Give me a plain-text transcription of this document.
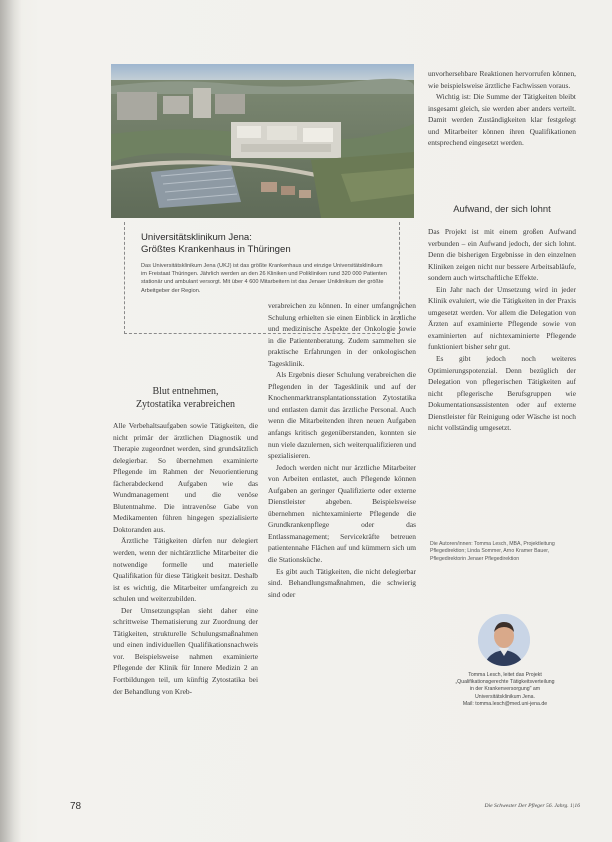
Universitätsklinikum Jena:
Größtes Krankenhaus in Thüringen

Das Universitätsklinikum Jena (UKJ) ist das größte Krankenhaus und einzige Universitätsklinikum im Freistaat Thüringen. Jährlich werden an den 26 Kliniken und Polikliniken rund 320 000 Patienten stationär und ambulant versorgt. Mit über 4 600 Mitarbeitern ist das Jenaer Uniklinikum der größte Arbeitgeber der Region.

Blut entnehmen,
Zytostatika verabreichen

Alle Verbehaltsaufgaben sowie Tätigkeiten, die nicht primär der ärztlichen Diagnostik und Therapie zugeordnet werden, sind grundsätzlich delegierbar. So übernehmen examinierte Pflegende im Rahmen der Neuorientierung fächerabdeckend Aufgaben wie das Wundmanagement und die venöse Blutentnahme. Die intravenöse Gabe von Medikamenten führen hingegen spezialisierte Doktoranden aus.

Ärztliche Tätigkeiten dürfen nur delegiert werden, wenn der nichtärztliche Mitarbeiter die notwendige formelle und materielle Qualifikation für diese Tätigkeit besitzt. Deshalb ist es wichtig, die Mitarbeiter umfangreich zu schulen und weiterzubilden.

Der Umsetzungsplan sieht daher eine schrittweise Thematisierung zur Zuordnung der Tätigkeiten, strukturelle Schulungsmaßnahmen und einen individuellen Qualifikationsnachweis vor. Beispielsweise nahmen examinierte Pflegende der Klinik für Innere Medizin 2 an Fortbildungen teil, um künftig Zytostatika bei der Behandlung von Kreb-

verabreichen zu können. In einer umfangreichen Schulung erhielten sie einen Einblick in ärztliche und medizinische Aspekte der Onkologie sowie in die Patientenberatung. Zudem sammelten sie praktische Erfahrungen in der onkologischen Tagesklinik.

Als Ergebnis dieser Schulung verabreichen die Pflegenden in der Tagesklinik und auf der Knochenmarktransplantationsstation Zytostatika und entlasten damit das ärztliche Personal. Auch wenn die Mitarbeitenden ihren neuen Aufgaben anfangs kritisch gegenüberstanden, konnten sie nun viele dazulernen, sich weiterqualifizieren und spezialisieren.

Jedoch werden nicht nur ärztliche Mitarbeiter von Arbeiten entlastet, auch Pflegende können Aufgaben an geringer Qualifizierte oder externe Dienstleister abgeben. Beispielsweise übernehmen nichtexaminierte Pflegende die Grundkrankenpflege oder das Entlassmanagement; Servicekräfte betreuen patientennahe Flächen auf und kümmern sich um die Stationsküche.

Es gibt auch Tätigkeiten, die nicht delegierbar sind. Behandlungsmaßnahmen, die schwierig sind oder

unvorhersehbare Reaktionen hervorrufen können, wie beispielsweise ärztliche Fachwissen voraus.

Wichtig ist: Die Summe der Tätigkeiten bleibt insgesamt gleich, sie werden aber anders verteilt. Damit werden Zuständigkeiten klar festgelegt und Mitarbeiter können ihren Qualifikationen entsprechend eingesetzt werden.

Aufwand, der sich lohnt

Das Projekt ist mit einem großen Aufwand verbunden – ein Aufwand jedoch, der sich lohnt. Denn die bisherigen Ergebnisse in den einzelnen Kliniken zeigen nicht nur bessere Arbeitsabläufe, sondern auch wirtschaftliche Effekte.

Ein Jahr nach der Umsetzung wird in jeder Klinik evaluiert, wie die Tätigkeiten in der Praxis umgesetzt werden. Vor allem die Delegation von Ärzten auf examinierte Pflegende sowie von examinierten auf nichtexaminierte Pflegende funktioniert bisher sehr gut.

Es gibt jedoch noch weiteres Optimierungspotenzial. Denn bezüglich der Delegation von pflegerischen Tätigkeiten auf nicht pflegerische Berufsgruppen wie Dokumentationsassistenten oder auf externe Dienstleister für Reinigung oder Wäsche ist noch nicht vollständig umgesetzt.

Die Autoren/innen: Tomma Lesch, MBA, Projektleitung Pflegedirektion; Linda Sommer, Arno Kramer Bauer, Pflegedirektorin Jenaer Pflegedirektion
Tomma Lesch, leitet das Projekt
„Qualifikationsgerechte Tätigkeitsverteilung
in der Krankenversorgung" am
Universitätsklinikum Jena.
Mail: tomma.lesch@med.uni-jena.de
78	Die Schwester Der Pfleger 56. Jahrg. 1|16
